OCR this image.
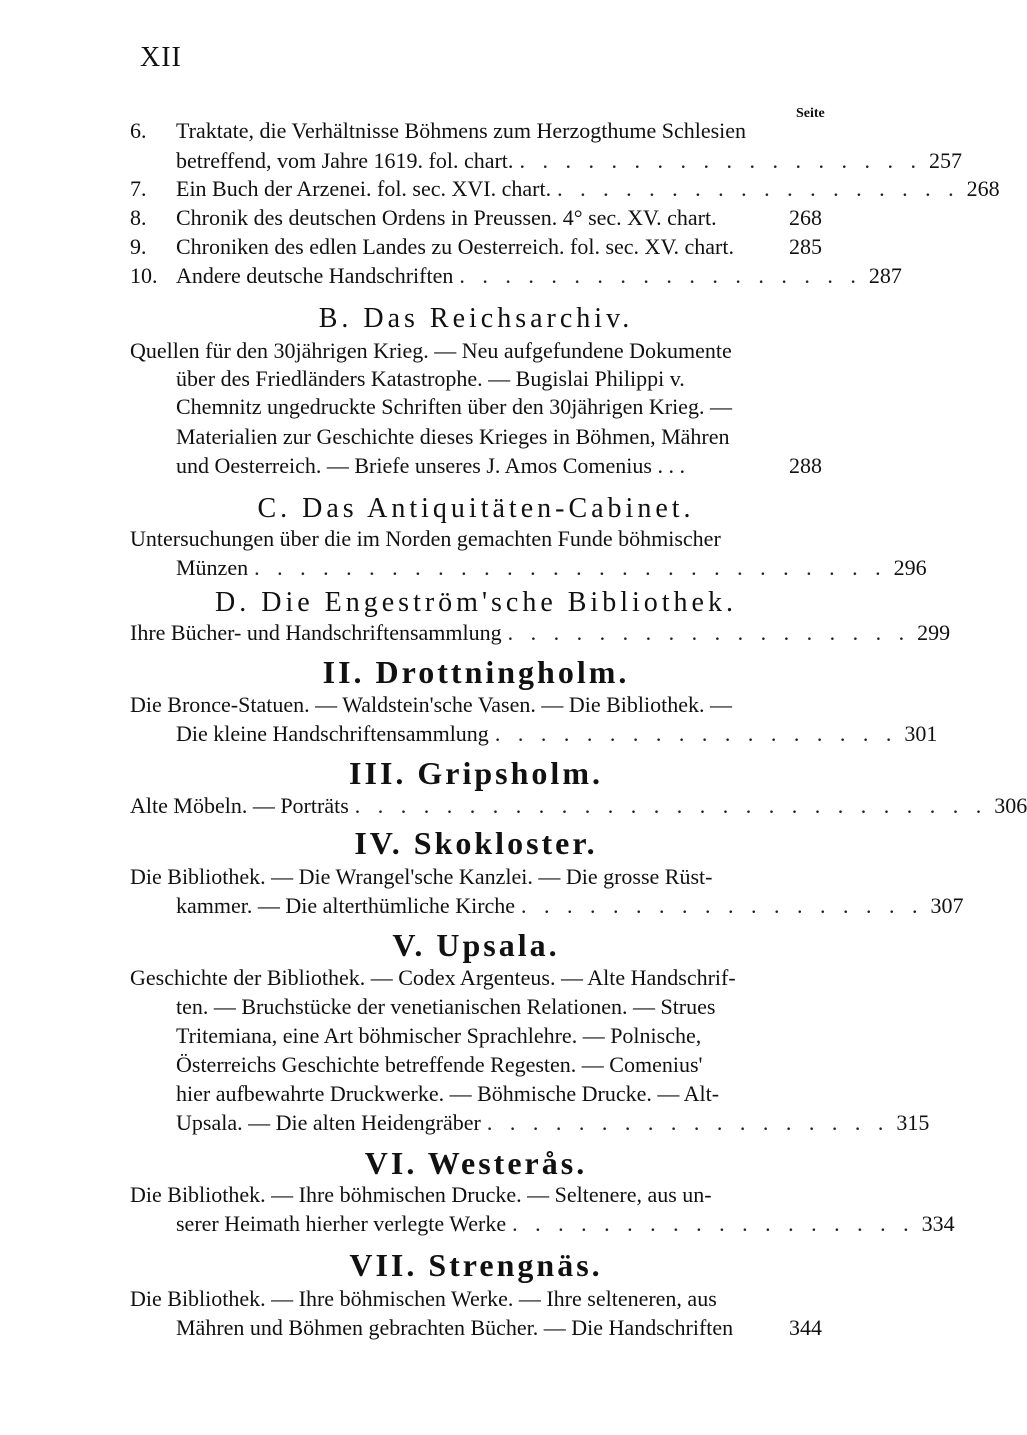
XII
Seite
6.	Traktate, die Verhältnisse Böhmens zum Herzogthume Schlesien
betreffend, vom Jahre 1619. fol. chart. . . . . . . . . . . . . . . . . . . 257
7.	Ein Buch der Arzenei. fol. sec. XVI. chart. . . . . . . . . . . . . . . . . . . 268
8.	Chronik des deutschen Ordens in Preussen. 4° sec. XV. chart.	268
9.	Chroniken des edlen Landes zu Oesterreich. fol. sec. XV. chart.	285
10. Andere deutsche Handschriften . . . . . . . . . . . . . . . . . . 287
B. Das Reichsarchiv.
Quellen für den 30jährigen Krieg. — Neu aufgefundene Dokumente
über des Friedländers Katastrophe. — Bugislai Philippi v.
Chemnitz ungedruckte Schriften über den 30jährigen Krieg. —
Materialien zur Geschichte dieses Krieges in Böhmen, Mähren
und Oesterreich. — Briefe unseres J. Amos Comenius . . .	288
C. Das Antiquitäten-Cabinet.
Untersuchungen über die im Norden gemachten Funde böhmischer
Münzen . . . . . . . . . . . . . . . . . . . . . . . . . . . . 296
D. Die Engeström'sche Bibliothek.
Ihre Bücher- und Handschriftensammlung . . . . . . . . . . . . . . . . . . 299
II. Drottningholm.
Die Bronce-Statuen. — Waldstein'sche Vasen. — Die Bibliothek. —
Die kleine Handschriftensammlung . . . . . . . . . . . . . . . . . . 301
III. Gripsholm.
Alte Möbeln. — Porträts . . . . . . . . . . . . . . . . . . . . . . . . . . . . 306
IV. Skokloster.
Die Bibliothek. — Die Wrangel'sche Kanzlei. — Die grosse Rüst-
kammer. — Die alterthümliche Kirche . . . . . . . . . . . . . . . . . . 307
V. Upsala.
Geschichte der Bibliothek. — Codex Argenteus. — Alte Handschrif-
ten. — Bruchstücke der venetianischen Relationen. — Strues
Tritemiana, eine Art böhmischer Sprachlehre. — Polnische,
Österreichs Geschichte betreffende Regesten. — Comenius'
hier aufbewahrte Druckwerke. — Böhmische Drucke. — Alt-
Upsala. — Die alten Heidengräber . . . . . . . . . . . . . . . . . . 315
VI. Westerås.
Die Bibliothek. — Ihre böhmischen Drucke. — Seltenere, aus un-
serer Heimath hierher verlegte Werke . . . . . . . . . . . . . . . . . . 334
VII. Strengnäs.
Die Bibliothek. — Ihre böhmischen Werke. — Ihre selteneren, aus
Mähren und Böhmen gebrachten Bücher. — Die Handschriften	344
